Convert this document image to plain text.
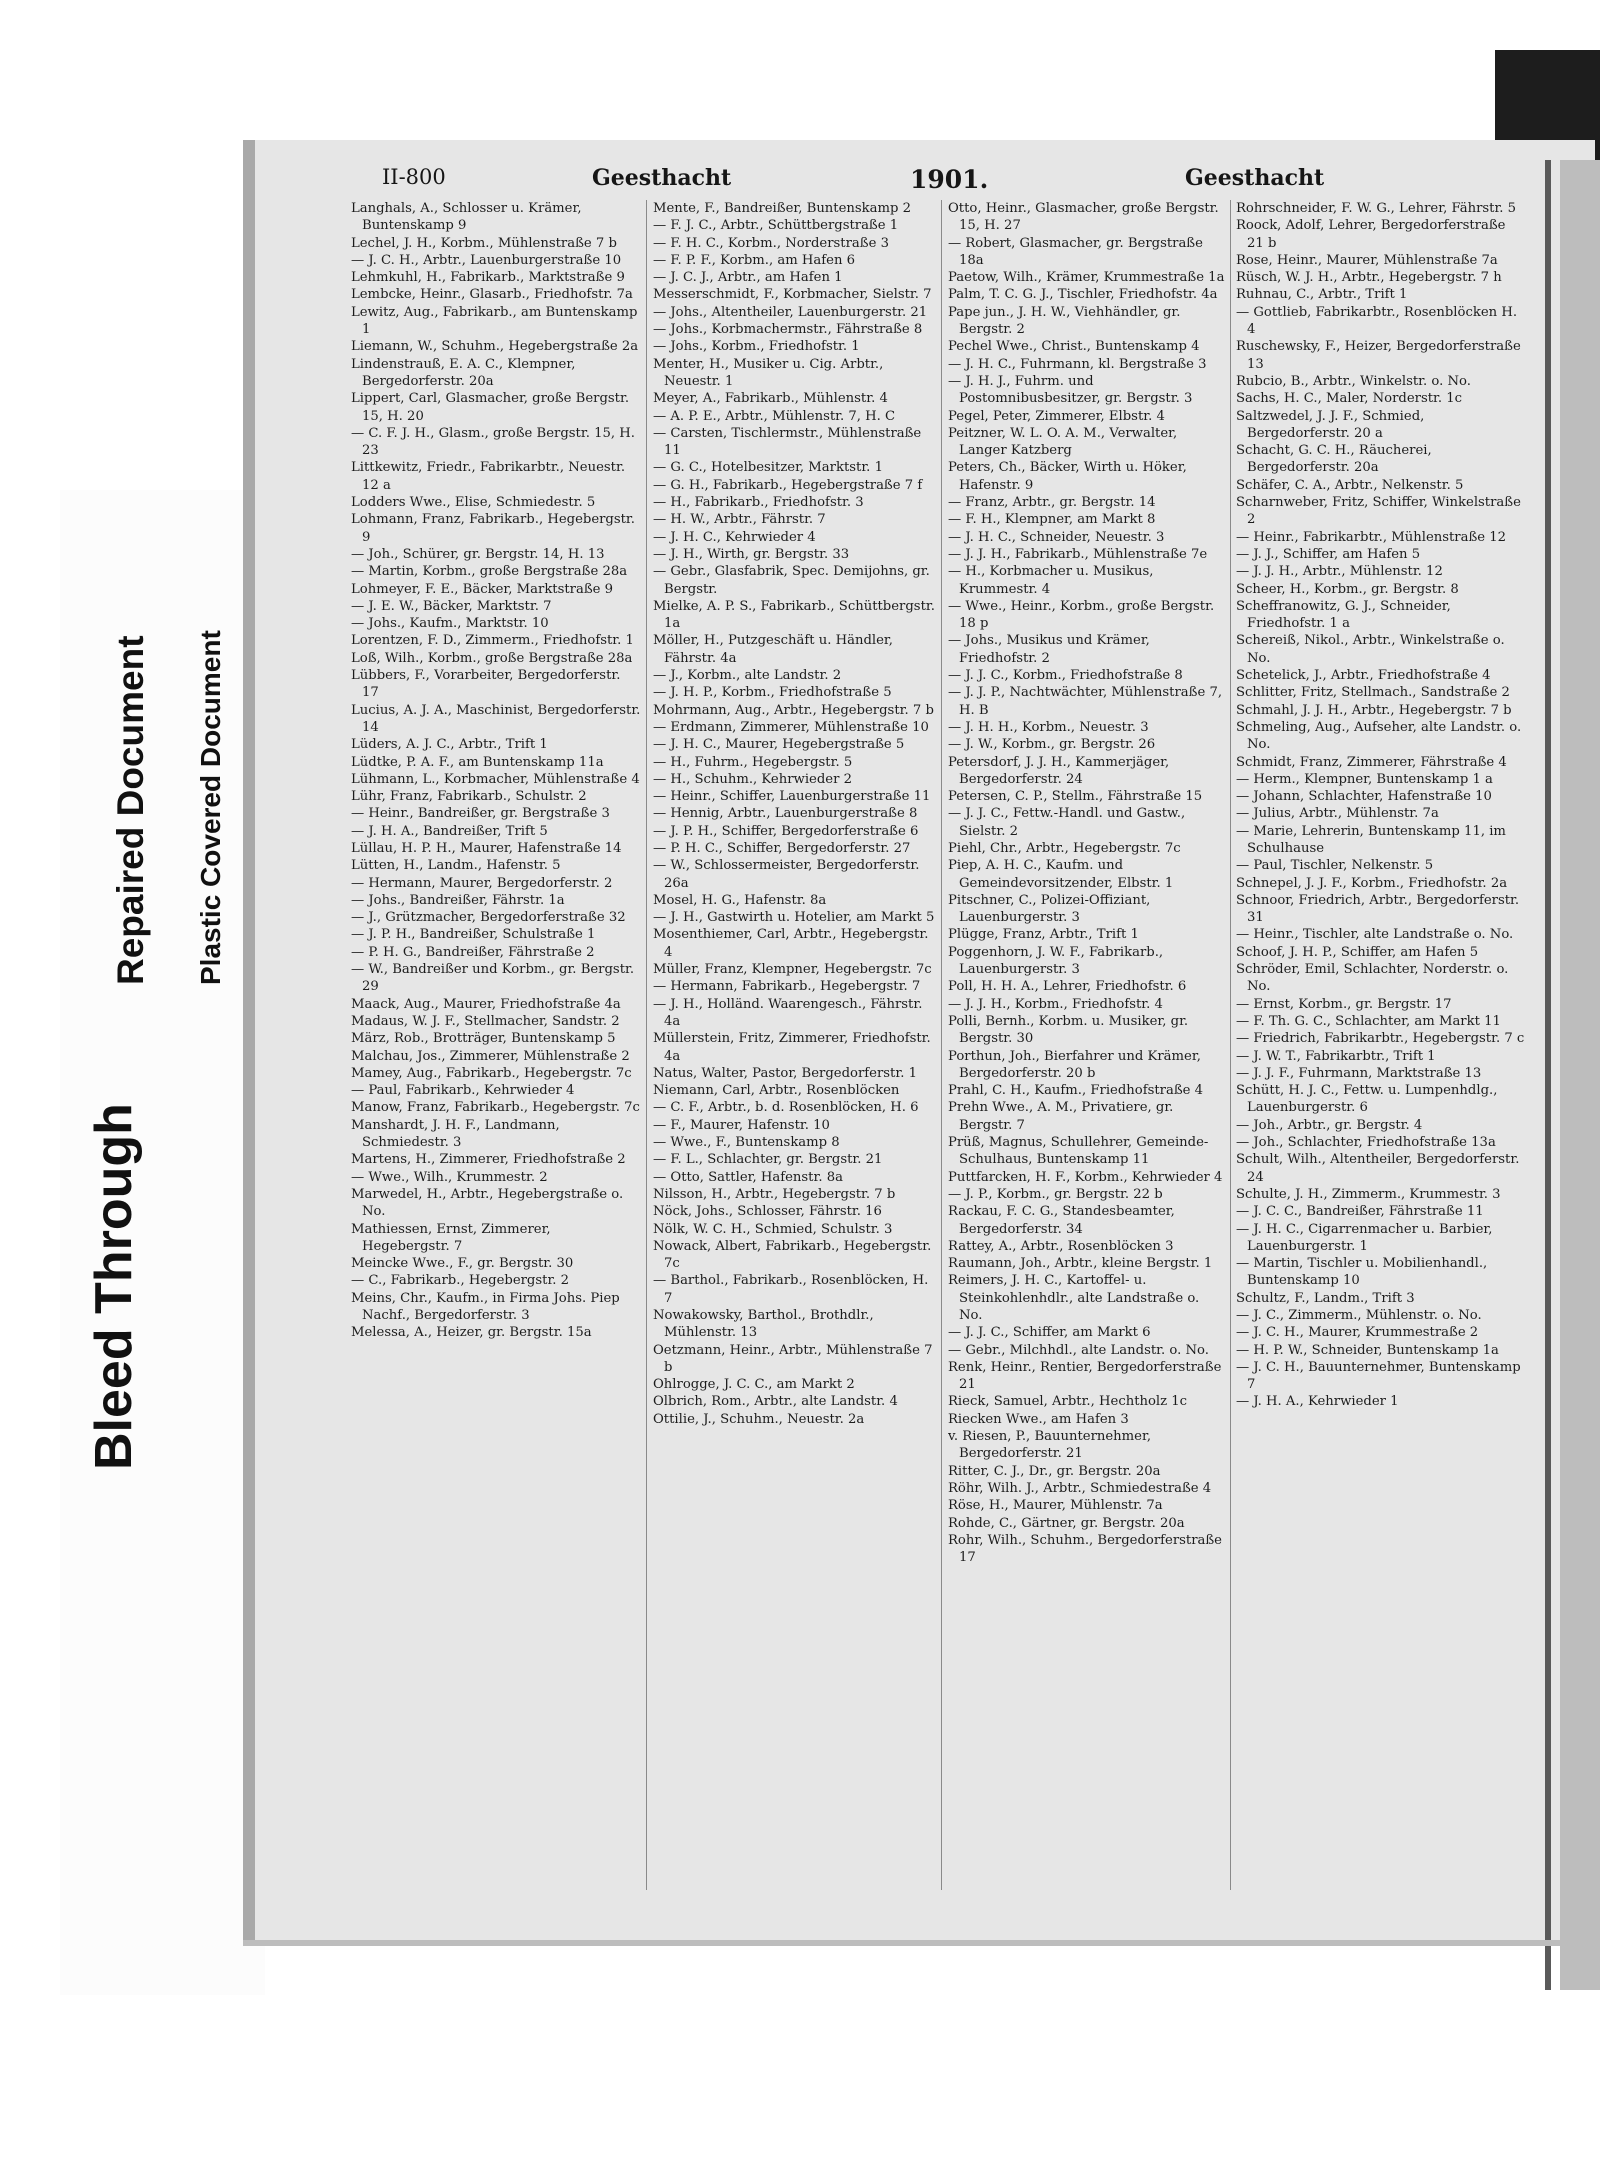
Bleed Through
Repaired Document Plastic Covered Document
II-800	Geesthacht	1901.	Geesthacht
Langhals, A., Schlosser u. Krämer, Buntenskamp 9
Lechel, J. H., Korbm., Mühlenstraße 7 b
— J. C. H., Arbtr., Lauenburgerstraße 10
Lehmkuhl, H., Fabrikarb., Marktstraße 9
Lembcke, Heinr., Glasarb., Friedhofstr. 7a
Lewitz, Aug., Fabrikarb., am Buntenskamp 1
Liemann, W., Schuhm., Hegebergstraße 2a
Lindenstrauß, E. A. C., Klempner, Bergedorferstr. 20a
Lippert, Carl, Glasmacher, große Bergstr. 15, H. 20
— C. F. J. H., Glasm., große Bergstr. 15, H. 23
Littkewitz, Friedr., Fabrikarbtr., Neuestr. 12 a
Lodders Wwe., Elise, Schmiedestr. 5
Lohmann, Franz, Fabrikarb., Hegebergstr. 9
— Joh., Schürer, gr. Bergstr. 14, H. 13
— Martin, Korbm., große Bergstraße 28a
Lohmeyer, F. E., Bäcker, Marktstraße 9
— J. E. W., Bäcker, Marktstr. 7
— Johs., Kaufm., Marktstr. 10
Lorentzen, F. D., Zimmerm., Friedhofstr. 1
Loß, Wilh., Korbm., große Bergstraße 28a
Lübbers, F., Vorarbeiter, Bergedorferstr. 17
Lucius, A. J. A., Maschinist, Bergedorferstr. 14
Lüders, A. J. C., Arbtr., Trift 1
Lüdtke, P. A. F., am Buntenskamp 11a
Lühmann, L., Korbmacher, Mühlenstraße 4
Lühr, Franz, Fabrikarb., Schulstr. 2
— Heinr., Bandreißer, gr. Bergstraße 3
— J. H. A., Bandreißer, Trift 5
Lüllau, H. P. H., Maurer, Hafenstraße 14
Lütten, H., Landm., Hafenstr. 5
— Hermann, Maurer, Bergedorferstr. 2
— Johs., Bandreißer, Fährstr. 1a
— J., Grützmacher, Bergedorferstraße 32
— J. P. H., Bandreißer, Schulstraße 1
— P. H. G., Bandreißer, Fährstraße 2
— W., Bandreißer und Korbm., gr. Bergstr. 29
Maack, Aug., Maurer, Friedhofstraße 4a
Madaus, W. J. F., Stellmacher, Sandstr. 2
März, Rob., Brotträger, Buntenskamp 5
Malchau, Jos., Zimmerer, Mühlenstraße 2
Mamey, Aug., Fabrikarb., Hegebergstr. 7c
— Paul, Fabrikarb., Kehrwieder 4
Manow, Franz, Fabrikarb., Hegebergstr. 7c
Manshardt, J. H. F., Landmann, Schmiedestr. 3
Martens, H., Zimmerer, Friedhofstraße 2
— Wwe., Wilh., Krummestr. 2
Marwedel, H., Arbtr., Hegebergstraße o. No.
Mathiessen, Ernst, Zimmerer, Hegebergstr. 7
Meincke Wwe., F., gr. Bergstr. 30
— C., Fabrikarb., Hegebergstr. 2
Meins, Chr., Kaufm., in Firma Johs. Piep Nachf., Bergedorferstr. 3
Melessa, A., Heizer, gr. Bergstr. 15a
Mente, F., Bandreißer, Buntenskamp 2
— F. J. C., Arbtr., Schüttbergstraße 1
— F. H. C., Korbm., Norderstraße 3
— F. P. F., Korbm., am Hafen 6
— J. C. J., Arbtr., am Hafen 1
Messerschmidt, F., Korbmacher, Sielstr. 7
— Johs., Altentheiler, Lauenburgerstr. 21
— Johs., Korbmachermstr., Fährstraße 8
— Johs., Korbm., Friedhofstr. 1
Menter, H., Musiker u. Cig. Arbtr., Neuestr. 1
Meyer, A., Fabrikarb., Mühlenstr. 4
— A. P. E., Arbtr., Mühlenstr. 7, H. C
— Carsten, Tischlermstr., Mühlenstraße 11
— G. C., Hotelbesitzer, Marktstr. 1
— G. H., Fabrikarb., Hegebergstraße 7 f
— H., Fabrikarb., Friedhofstr. 3
— H. W., Arbtr., Fährstr. 7
— J. H. C., Kehrwieder 4
— J. H., Wirth, gr. Bergstr. 33
— Gebr., Glasfabrik, Spec. Demijohns, gr. Bergstr.
Mielke, A. P. S., Fabrikarb., Schüttbergstr. 1a
Möller, H., Putzgeschäft u. Händler, Fährstr. 4a
— J., Korbm., alte Landstr. 2
— J. H. P., Korbm., Friedhofstraße 5
Mohrmann, Aug., Arbtr., Hegebergstr. 7 b
— Erdmann, Zimmerer, Mühlenstraße 10
— J. H. C., Maurer, Hegebergstraße 5
— H., Fuhrm., Hegebergstr. 5
— H., Schuhm., Kehrwieder 2
— Heinr., Schiffer, Lauenburgerstraße 11
— Hennig, Arbtr., Lauenburgerstraße 8
— J. P. H., Schiffer, Bergedorferstraße 6
— P. H. C., Schiffer, Bergedorferstr. 27
— W., Schlossermeister, Bergedorferstr. 26a
Mosel, H. G., Hafenstr. 8a
— J. H., Gastwirth u. Hotelier, am Markt 5
Mosenthiemer, Carl, Arbtr., Hegebergstr. 4
Müller, Franz, Klempner, Hegebergstr. 7c
— Hermann, Fabrikarb., Hegebergstr. 7
— J. H., Holländ. Waarengesch., Fährstr. 4a
Müllerstein, Fritz, Zimmerer, Friedhofstr. 4a
Natus, Walter, Pastor, Bergedorferstr. 1
Niemann, Carl, Arbtr., Rosenblöcken
— C. F., Arbtr., b. d. Rosenblöcken, H. 6
— F., Maurer, Hafenstr. 10
— Wwe., F., Buntenskamp 8
— F. L., Schlachter, gr. Bergstr. 21
— Otto, Sattler, Hafenstr. 8a
Nilsson, H., Arbtr., Hegebergstr. 7 b
Nöck, Johs., Schlosser, Fährstr. 16
Nölk, W. C. H., Schmied, Schulstr. 3
Nowack, Albert, Fabrikarb., Hegebergstr. 7c
— Barthol., Fabrikarb., Rosenblöcken, H. 7
Nowakowsky, Barthol., Brothdlr., Mühlenstr. 13
Oetzmann, Heinr., Arbtr., Mühlenstraße 7 b
Ohlrogge, J. C. C., am Markt 2
Olbrich, Rom., Arbtr., alte Landstr. 4
Ottilie, J., Schuhm., Neuestr. 2a
Otto, Heinr., Glasmacher, große Bergstr. 15, H. 27
— Robert, Glasmacher, gr. Bergstraße 18a
Paetow, Wilh., Krämer, Krummestraße 1a
Palm, T. C. G. J., Tischler, Friedhofstr. 4a
Pape jun., J. H. W., Viehhändler, gr. Bergstr. 2
Pechel Wwe., Christ., Buntenskamp 4
— J. H. C., Fuhrmann, kl. Bergstraße 3
— J. H. J., Fuhrm. und Postomnibusbesitzer, gr. Bergstr. 3
Pegel, Peter, Zimmerer, Elbstr. 4
Peitzner, W. L. O. A. M., Verwalter, Langer Katzberg
Peters, Ch., Bäcker, Wirth u. Höker, Hafenstr. 9
— Franz, Arbtr., gr. Bergstr. 14
— F. H., Klempner, am Markt 8
— J. H. C., Schneider, Neuestr. 3
— J. J. H., Fabrikarb., Mühlenstraße 7e
— H., Korbmacher u. Musikus, Krummestr. 4
— Wwe., Heinr., Korbm., große Bergstr. 18 p
— Johs., Musikus und Krämer, Friedhofstr. 2
— J. J. C., Korbm., Friedhofstraße 8
— J. J. P., Nachtwächter, Mühlenstraße 7, H. B
— J. H. H., Korbm., Neuestr. 3
— J. W., Korbm., gr. Bergstr. 26
Petersdorf, J. J. H., Kammerjäger, Bergedorferstr. 24
Petersen, C. P., Stellm., Fährstraße 15
— J. J. C., Fettw.-Handl. und Gastw., Sielstr. 2
Piehl, Chr., Arbtr., Hegebergstr. 7c
Piep, A. H. C., Kaufm. und Gemeindevorsitzender, Elbstr. 1
Pitschner, C., Polizei-Offiziant, Lauenburgerstr. 3
Plügge, Franz, Arbtr., Trift 1
Poggenhorn, J. W. F., Fabrikarb., Lauenburgerstr. 3
Poll, H. H. A., Lehrer, Friedhofstr. 6
— J. J. H., Korbm., Friedhofstr. 4
Polli, Bernh., Korbm. u. Musiker, gr. Bergstr. 30
Porthun, Joh., Bierfahrer und Krämer, Bergedorferstr. 20 b
Prahl, C. H., Kaufm., Friedhofstraße 4
Prehn Wwe., A. M., Privatiere, gr. Bergstr. 7
Prüß, Magnus, Schullehrer, Gemeinde-Schulhaus, Buntenskamp 11
Puttfarcken, H. F., Korbm., Kehrwieder 4
— J. P., Korbm., gr. Bergstr. 22 b
Rackau, F. C. G., Standesbeamter, Bergedorferstr. 34
Rattey, A., Arbtr., Rosenblöcken 3
Raumann, Joh., Arbtr., kleine Bergstr. 1
Reimers, J. H. C., Kartoffel- u. Steinkohlenhdlr., alte Landstraße o. No.
— J. J. C., Schiffer, am Markt 6
— Gebr., Milchhdl., alte Landstr. o. No.
Renk, Heinr., Rentier, Bergedorferstraße 21
Rieck, Samuel, Arbtr., Hechtholz 1c
Riecken Wwe., am Hafen 3
v. Riesen, P., Bauunternehmer, Bergedorferstr. 21
Ritter, C. J., Dr., gr. Bergstr. 20a
Röhr, Wilh. J., Arbtr., Schmiedestraße 4
Röse, H., Maurer, Mühlenstr. 7a
Rohde, C., Gärtner, gr. Bergstr. 20a
Rohr, Wilh., Schuhm., Bergedorferstraße 17
Rohrschneider, F. W. G., Lehrer, Fährstr. 5
Roock, Adolf, Lehrer, Bergedorferstraße 21 b
Rose, Heinr., Maurer, Mühlenstraße 7a
Rüsch, W. J. H., Arbtr., Hegebergstr. 7 h
Ruhnau, C., Arbtr., Trift 1
— Gottlieb, Fabrikarbtr., Rosenblöcken H. 4
Ruschewsky, F., Heizer, Bergedorferstraße 13
Rubcio, B., Arbtr., Winkelstr. o. No.
Sachs, H. C., Maler, Norderstr. 1c
Saltzwedel, J. J. F., Schmied, Bergedorferstr. 20 a
Schacht, G. C. H., Räucherei, Bergedorferstr. 20a
Schäfer, C. A., Arbtr., Nelkenstr. 5
Scharnweber, Fritz, Schiffer, Winkelstraße 2
— Heinr., Fabrikarbtr., Mühlenstraße 12
— J. J., Schiffer, am Hafen 5
— J. J. H., Arbtr., Mühlenstr. 12
Scheer, H., Korbm., gr. Bergstr. 8
Scheffranowitz, G. J., Schneider, Friedhofstr. 1 a
Schereiß, Nikol., Arbtr., Winkelstraße o. No.
Schetelick, J., Arbtr., Friedhofstraße 4
Schlitter, Fritz, Stellmach., Sandstraße 2
Schmahl, J. J. H., Arbtr., Hegebergstr. 7 b
Schmeling, Aug., Aufseher, alte Landstr. o. No.
Schmidt, Franz, Zimmerer, Fährstraße 4
— Herm., Klempner, Buntenskamp 1 a
— Johann, Schlachter, Hafenstraße 10
— Julius, Arbtr., Mühlenstr. 7a
— Marie, Lehrerin, Buntenskamp 11, im Schulhause
— Paul, Tischler, Nelkenstr. 5
Schnepel, J. J. F., Korbm., Friedhofstr. 2a
Schnoor, Friedrich, Arbtr., Bergedorferstr. 31
— Heinr., Tischler, alte Landstraße o. No.
Schoof, J. H. P., Schiffer, am Hafen 5
Schröder, Emil, Schlachter, Norderstr. o. No.
— Ernst, Korbm., gr. Bergstr. 17
— F. Th. G. C., Schlachter, am Markt 11
— Friedrich, Fabrikarbtr., Hegebergstr. 7 c
— J. W. T., Fabrikarbtr., Trift 1
— J. J. F., Fuhrmann, Marktstraße 13
Schütt, H. J. C., Fettw. u. Lumpenhdlg., Lauenburgerstr. 6
— Joh., Arbtr., gr. Bergstr. 4
— Joh., Schlachter, Friedhofstraße 13a
Schult, Wilh., Altentheiler, Bergedorferstr. 24
Schulte, J. H., Zimmerm., Krummestr. 3
— J. C. C., Bandreißer, Fährstraße 11
— J. H. C., Cigarrenmacher u. Barbier, Lauenburgerstr. 1
— Martin, Tischler u. Mobilienhandl., Buntenskamp 10
Schultz, F., Landm., Trift 3
— J. C., Zimmerm., Mühlenstr. o. No.
— J. C. H., Maurer, Krummestraße 2
— H. P. W., Schneider, Buntenskamp 1a
— J. C. H., Bauunternehmer, Buntenskamp 7
— J. H. A., Kehrwieder 1
